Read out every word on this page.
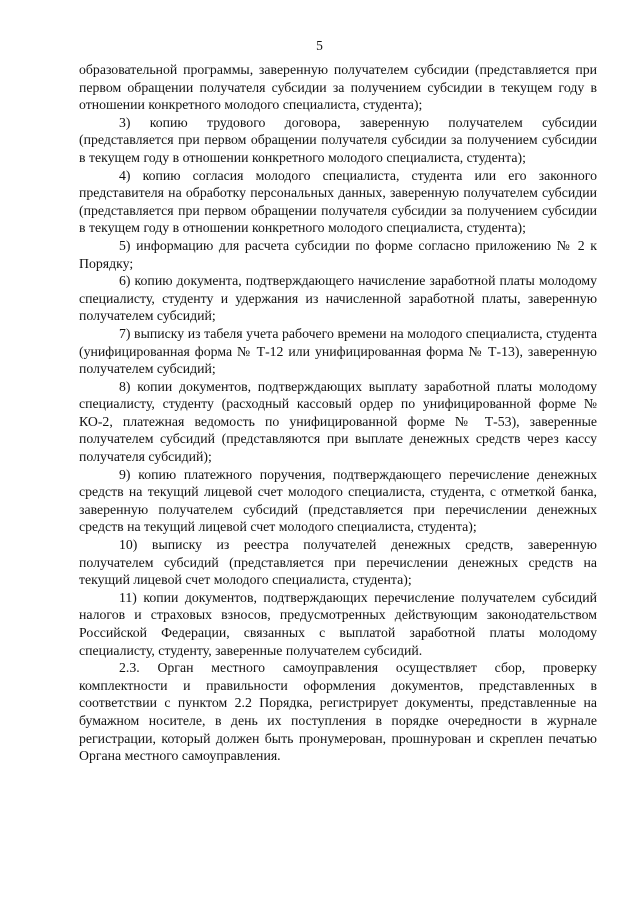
5

образовательной программы, заверенную получателем субсидии (представляется при первом обращении получателя субсидии за получением субсидии в текущем году в отношении конкретного молодого специалиста, студента);

3) копию трудового договора, заверенную получателем субсидии (представляется при первом обращении получателя субсидии за получением субсидии в текущем году в отношении конкретного молодого специалиста, студента);

4) копию согласия молодого специалиста, студента или его законного представителя на обработку персональных данных, заверенную получателем субсидии (представляется при первом обращении получателя субсидии за получением субсидии в текущем году в отношении конкретного молодого специалиста, студента);

5) информацию для расчета субсидии по форме согласно приложению № 2 к Порядку;

6) копию документа, подтверждающего начисление заработной платы молодому специалисту, студенту и удержания из начисленной заработной платы, заверенную получателем субсидий;

7) выписку из табеля учета рабочего времени на молодого специалиста, студента (унифицированная форма № Т-12 или унифицированная форма № Т-13), заверенную получателем субсидий;

8) копии документов, подтверждающих выплату заработной платы молодому специалисту, студенту (расходный кассовый ордер по унифицированной форме № КО-2, платежная ведомость по унифицированной форме № Т-53), заверенные получателем субсидий (представляются при выплате денежных средств через кассу получателя субсидий);

9) копию платежного поручения, подтверждающего перечисление денежных средств на текущий лицевой счет молодого специалиста, студента, с отметкой банка, заверенную получателем субсидий (представляется при перечислении денежных средств на текущий лицевой счет молодого специалиста, студента);

10) выписку из реестра получателей денежных средств, заверенную получателем субсидий (представляется при перечислении денежных средств на текущий лицевой счет молодого специалиста, студента);

11) копии документов, подтверждающих перечисление получателем субсидий налогов и страховых взносов, предусмотренных действующим законодательством Российской Федерации, связанных с выплатой заработной платы молодому специалисту, студенту, заверенные получателем субсидий.

2.3. Орган местного самоуправления осуществляет сбор, проверку комплектности и правильности оформления документов, представленных в соответствии с пунктом 2.2 Порядка, регистрирует документы, представленные на бумажном носителе, в день их поступления в порядке очередности в журнале регистрации, который должен быть пронумерован, прошнурован и скреплен печатью Органа местного самоуправления.
